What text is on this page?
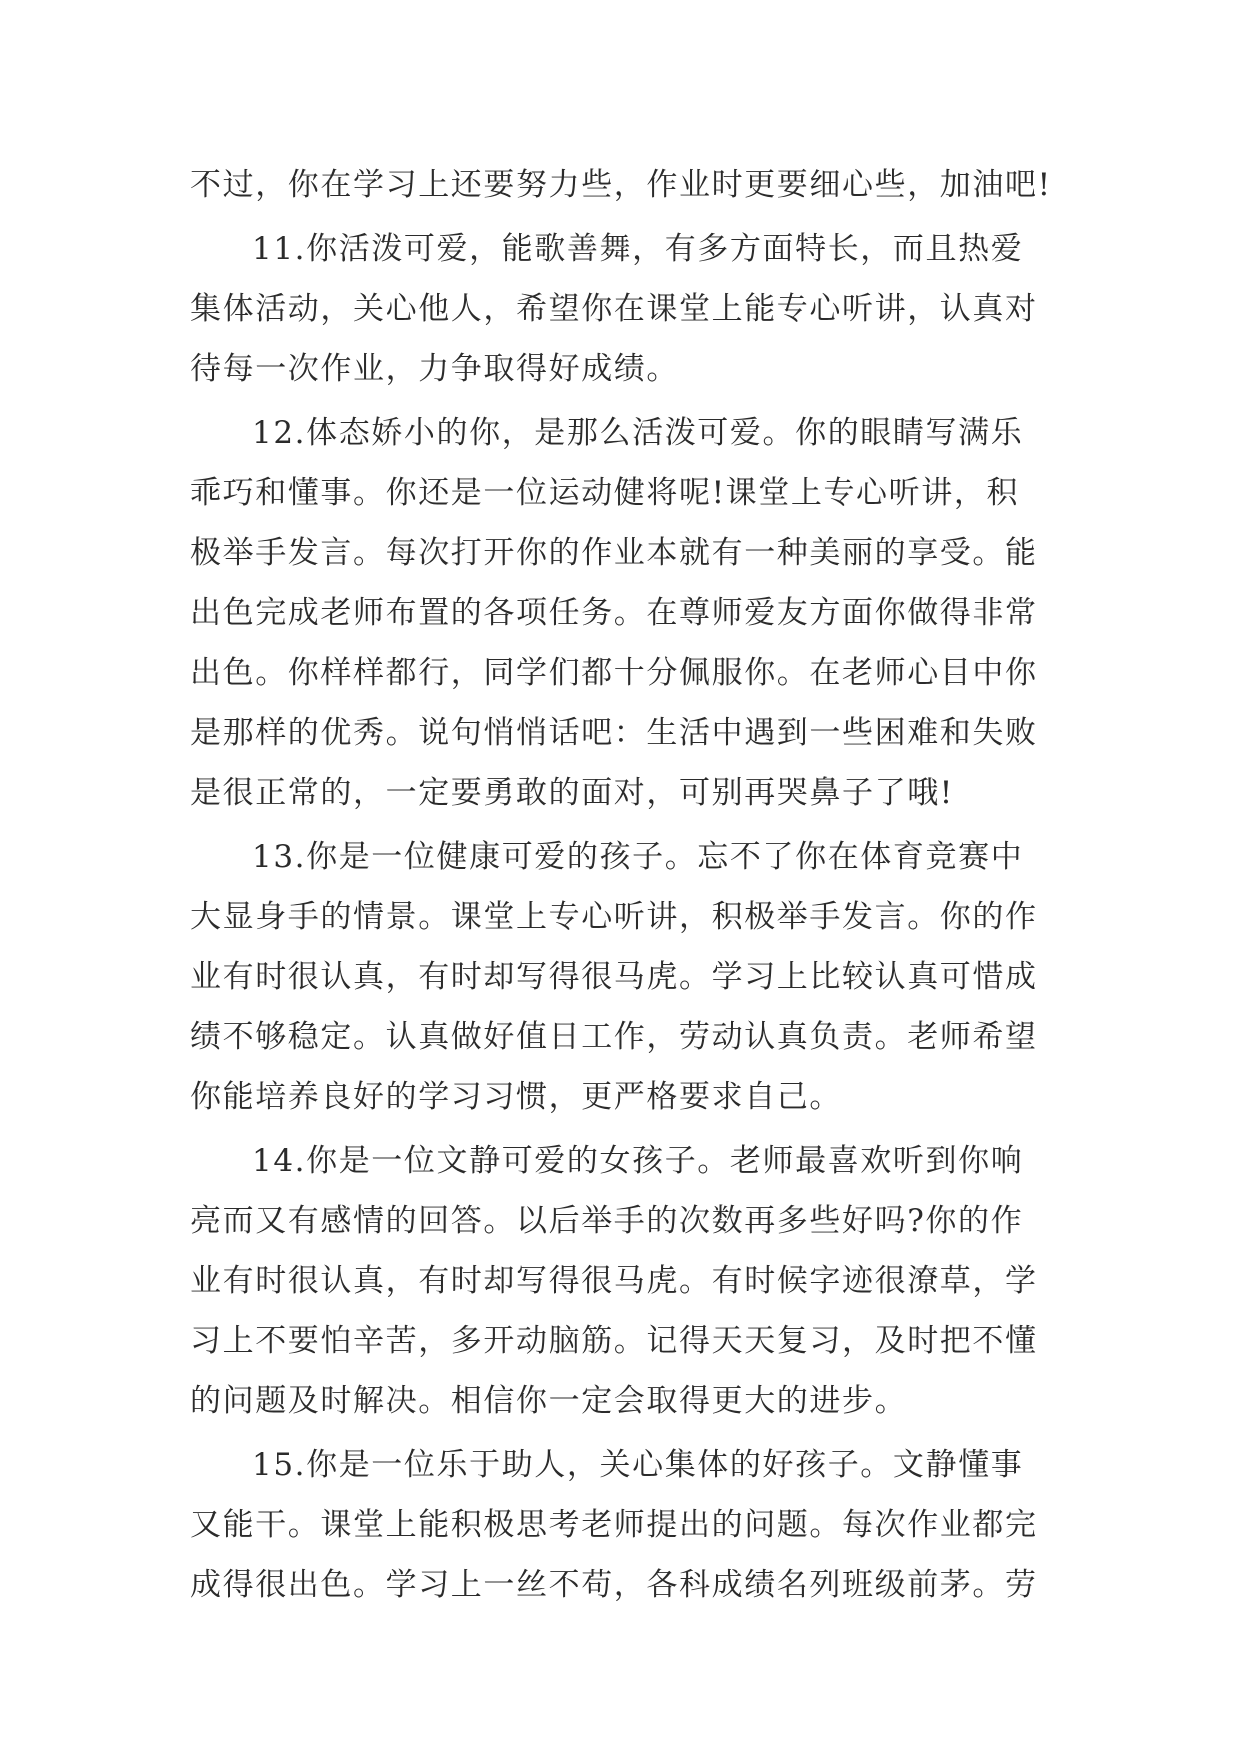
不过，你在学习上还要努力些，作业时更要细心些，加油吧!

11.你活泼可爱，能歌善舞，有多方面特长，而且热爱

集体活动，关心他人，希望你在课堂上能专心听讲，认真对

待每一次作业，力争取得好成绩。

12.体态娇小的你，是那么活泼可爱。你的眼睛写满乐

乖巧和懂事。你还是一位运动健将呢!课堂上专心听讲，积

极举手发言。每次打开你的作业本就有一种美丽的享受。能

出色完成老师布置的各项任务。在尊师爱友方面你做得非常

出色。你样样都行，同学们都十分佩服你。在老师心目中你

是那样的优秀。说句悄悄话吧：生活中遇到一些困难和失败

是很正常的，一定要勇敢的面对，可别再哭鼻子了哦!

13.你是一位健康可爱的孩子。忘不了你在体育竞赛中

大显身手的情景。课堂上专心听讲，积极举手发言。你的作

业有时很认真，有时却写得很马虎。学习上比较认真可惜成

绩不够稳定。认真做好值日工作，劳动认真负责。老师希望

你能培养良好的学习习惯，更严格要求自己。

14.你是一位文静可爱的女孩子。老师最喜欢听到你响

亮而又有感情的回答。以后举手的次数再多些好吗?你的作

业有时很认真，有时却写得很马虎。有时候字迹很潦草，学

习上不要怕辛苦，多开动脑筋。记得天天复习，及时把不懂

的问题及时解决。相信你一定会取得更大的进步。

15.你是一位乐于助人，关心集体的好孩子。文静懂事

又能干。课堂上能积极思考老师提出的问题。每次作业都完

成得很出色。学习上一丝不苟，各科成绩名列班级前茅。劳
